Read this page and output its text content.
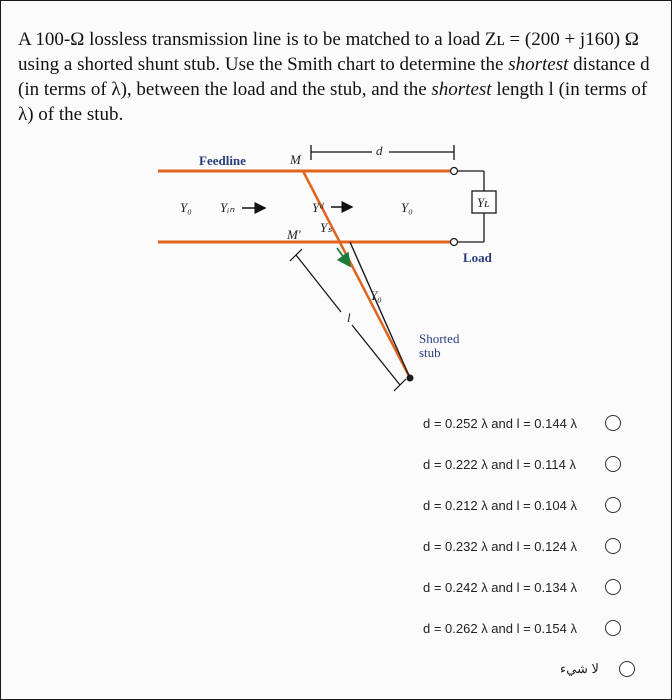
A 100-Ω lossless transmission line is to be matched to a load Zʟ = (200 + j160) Ω
using a shorted shunt stub. Use the Smith chart to determine the shortest distance d
(in terms of λ), between the load and the stub, and the shortest length l (in terms of
λ) of the stub.
Feedline	M
d
Y₀ Yᵢₙ	Yᵈ	Y₀	Yʟ
M′ Yₛ
Load
Y₀
l
Shorted
stub
d = 0.252 λ and l = 0.144 λ
d = 0.222 λ and l = 0.114 λ
d = 0.212 λ and l = 0.104 λ
d = 0.232 λ and l = 0.124 λ
d = 0.242 λ and l = 0.134 λ
d = 0.262 λ and l = 0.154 λ
لا شيء
